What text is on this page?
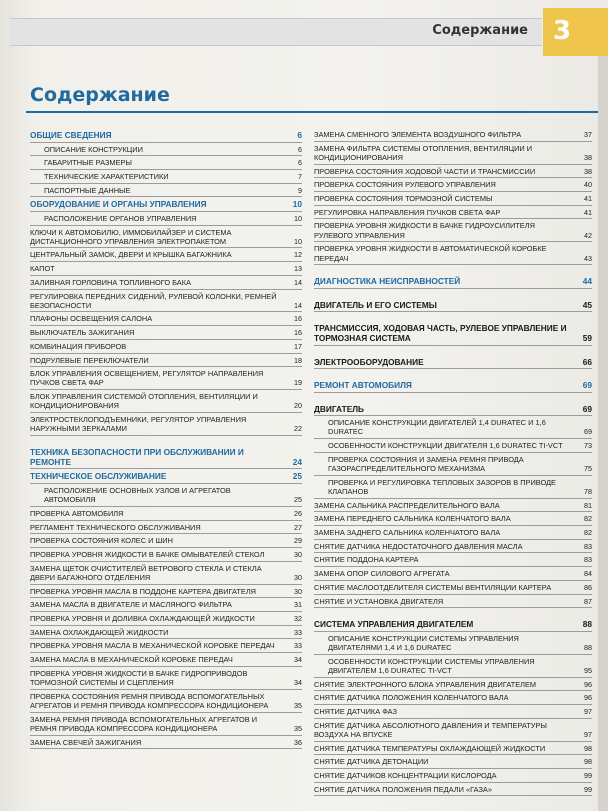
Содержание 3
Содержание
ОБЩИЕ СВЕДЕНИЯ	6
ОПИСАНИЕ КОНСТРУКЦИИ	6
ГАБАРИТНЫЕ РАЗМЕРЫ	6
ТЕХНИЧЕСКИЕ ХАРАКТЕРИСТИКИ	7
ПАСПОРТНЫЕ ДАННЫЕ	9
ОБОРУДОВАНИЕ И ОРГАНЫ УПРАВЛЕНИЯ	10
РАСПОЛОЖЕНИЕ ОРГАНОВ УПРАВЛЕНИЯ	10
КЛЮЧИ К АВТОМОБИЛЮ, ИММОБИЛАЙЗЕР И СИСТЕМА ДИСТАНЦИОННОГО УПРАВЛЕНИЯ ЭЛЕКТРОПАКЕТОМ	10
ЦЕНТРАЛЬНЫЙ ЗАМОК, ДВЕРИ И КРЫШКА БАГАЖНИКА	12
КАПОТ	13
ЗАЛИВНАЯ ГОРЛОВИНА ТОПЛИВНОГО БАКА	14
РЕГУЛИРОВКА ПЕРЕДНИХ СИДЕНИЙ, РУЛЕВОЙ КОЛОНКИ, РЕМНЕЙ БЕЗОПАСНОСТИ	14
ПЛАФОНЫ ОСВЕЩЕНИЯ САЛОНА	16
ВЫКЛЮЧАТЕЛЬ ЗАЖИГАНИЯ	16
КОМБИНАЦИЯ ПРИБОРОВ	17
ПОДРУЛЕВЫЕ ПЕРЕКЛЮЧАТЕЛИ	18
БЛОК УПРАВЛЕНИЯ ОСВЕЩЕНИЕМ, РЕГУЛЯТОР НАПРАВЛЕНИЯ ПУЧКОВ СВЕТА ФАР	19
БЛОК УПРАВЛЕНИЯ СИСТЕМОЙ ОТОПЛЕНИЯ, ВЕНТИЛЯЦИИ И КОНДИЦИОНИРОВАНИЯ	20
ЭЛЕКТРОСТЕКЛОПОДЪЕМНИКИ, РЕГУЛЯТОР УПРАВЛЕНИЯ НАРУЖНЫМИ ЗЕРКАЛАМИ	22
ТЕХНИКА БЕЗОПАСНОСТИ ПРИ ОБСЛУЖИВАНИИ И РЕМОНТЕ	24
ТЕХНИЧЕСКОЕ ОБСЛУЖИВАНИЕ	25
РАСПОЛОЖЕНИЕ ОСНОВНЫХ УЗЛОВ И АГРЕГАТОВ АВТОМОБИЛЯ	25
ПРОВЕРКА АВТОМОБИЛЯ	26
РЕГЛАМЕНТ ТЕХНИЧЕСКОГО ОБСЛУЖИВАНИЯ	27
ПРОВЕРКА СОСТОЯНИЯ КОЛЕС И ШИН	29
ПРОВЕРКА УРОВНЯ ЖИДКОСТИ В БАЧКЕ ОМЫВАТЕЛЕЙ СТЕКОЛ	30
ЗАМЕНА ЩЕТОК ОЧИСТИТЕЛЕЙ ВЕТРОВОГО СТЕКЛА И СТЕКЛА ДВЕРИ БАГАЖНОГО ОТДЕЛЕНИЯ	30
ПРОВЕРКА УРОВНЯ МАСЛА В ПОДДОНЕ КАРТЕРА ДВИГАТЕЛЯ	30
ЗАМЕНА МАСЛА В ДВИГАТЕЛЕ И МАСЛЯНОГО ФИЛЬТРА	31
ПРОВЕРКА УРОВНЯ И ДОЛИВКА ОХЛАЖДАЮЩЕЙ ЖИДКОСТИ	32
ЗАМЕНА ОХЛАЖДАЮЩЕЙ ЖИДКОСТИ	33
ПРОВЕРКА УРОВНЯ МАСЛА В МЕХАНИЧЕСКОЙ КОРОБКЕ ПЕРЕДАЧ	33
ЗАМЕНА МАСЛА В МЕХАНИЧЕСКОЙ КОРОБКЕ ПЕРЕДАЧ	34
ПРОВЕРКА УРОВНЯ ЖИДКОСТИ В БАЧКЕ ГИДРОПРИВОДОВ ТОРМОЗНОЙ СИСТЕМЫ И СЦЕПЛЕНИЯ	34
ПРОВЕРКА СОСТОЯНИЯ РЕМНЯ ПРИВОДА ВСПОМОГАТЕЛЬНЫХ АГРЕГАТОВ И РЕМНЯ ПРИВОДА КОМПРЕССОРА КОНДИЦИОНЕРА	35
ЗАМЕНА РЕМНЯ ПРИВОДА ВСПОМОГАТЕЛЬНЫХ АГРЕГАТОВ И РЕМНЯ ПРИВОДА КОМПРЕССОРА КОНДИЦИОНЕРА	35
ЗАМЕНА СВЕЧЕЙ ЗАЖИГАНИЯ	36
ЗАМЕНА СМЕННОГО ЭЛЕМЕНТА ВОЗДУШНОГО ФИЛЬТРА	37
ЗАМЕНА ФИЛЬТРА СИСТЕМЫ ОТОПЛЕНИЯ, ВЕНТИЛЯЦИИ И КОНДИЦИОНИРОВАНИЯ	38
ПРОВЕРКА СОСТОЯНИЯ ХОДОВОЙ ЧАСТИ И ТРАНСМИССИИ	38
ПРОВЕРКА СОСТОЯНИЯ РУЛЕВОГО УПРАВЛЕНИЯ	40
ПРОВЕРКА СОСТОЯНИЯ ТОРМОЗНОЙ СИСТЕМЫ	41
РЕГУЛИРОВКА НАПРАВЛЕНИЯ ПУЧКОВ СВЕТА ФАР	41
ПРОВЕРКА УРОВНЯ ЖИДКОСТИ В БАЧКЕ ГИДРОУСИЛИТЕЛЯ РУЛЕВОГО УПРАВЛЕНИЯ	42
ПРОВЕРКА УРОВНЯ ЖИДКОСТИ В АВТОМАТИЧЕСКОЙ КОРОБКЕ ПЕРЕДАЧ	43
ДИАГНОСТИКА НЕИСПРАВНОСТЕЙ	44
ДВИГАТЕЛЬ И ЕГО СИСТЕМЫ	45
ТРАНСМИССИЯ, ХОДОВАЯ ЧАСТЬ, РУЛЕВОЕ УПРАВЛЕНИЕ И ТОРМОЗНАЯ СИСТЕМА	59
ЭЛЕКТРООБОРУДОВАНИЕ	66
РЕМОНТ АВТОМОБИЛЯ	69
ДВИГАТЕЛЬ	69
ОПИСАНИЕ КОНСТРУКЦИИ ДВИГАТЕЛЕЙ 1,4 DURATEC И 1,6 DURATEC	69
ОСОБЕННОСТИ КОНСТРУКЦИИ ДВИГАТЕЛЯ 1,6 DURATEC TI-VCT	73
ПРОВЕРКА СОСТОЯНИЯ И ЗАМЕНА РЕМНЯ ПРИВОДА ГАЗОРАСПРЕДЕЛИТЕЛЬНОГО МЕХАНИЗМА	75
ПРОВЕРКА И РЕГУЛИРОВКА ТЕПЛОВЫХ ЗАЗОРОВ В ПРИВОДЕ КЛАПАНОВ	78
ЗАМЕНА САЛЬНИКА РАСПРЕДЕЛИТЕЛЬНОГО ВАЛА	81
ЗАМЕНА ПЕРЕДНЕГО САЛЬНИКА КОЛЕНЧАТОГО ВАЛА	82
ЗАМЕНА ЗАДНЕГО САЛЬНИКА КОЛЕНЧАТОГО ВАЛА	82
СНЯТИЕ ДАТЧИКА НЕДОСТАТОЧНОГО ДАВЛЕНИЯ МАСЛА	83
СНЯТИЕ ПОДДОНА КАРТЕРА	83
ЗАМЕНА ОПОР СИЛОВОГО АГРЕГАТА	84
СНЯТИЕ МАСЛООТДЕЛИТЕЛЯ СИСТЕМЫ ВЕНТИЛЯЦИИ КАРТЕРА	86
СНЯТИЕ И УСТАНОВКА ДВИГАТЕЛЯ	87
СИСТЕМА УПРАВЛЕНИЯ ДВИГАТЕЛЕМ	88
ОПИСАНИЕ КОНСТРУКЦИИ СИСТЕМЫ УПРАВЛЕНИЯ ДВИГАТЕЛЯМИ 1,4 И 1,6 DURATEC	88
ОСОБЕННОСТИ КОНСТРУКЦИИ СИСТЕМЫ УПРАВЛЕНИЯ ДВИГАТЕЛЕМ 1,6 DURATEC TI-VCT	95
СНЯТИЕ ЭЛЕКТРОННОГО БЛОКА УПРАВЛЕНИЯ ДВИГАТЕЛЕМ	96
СНЯТИЕ ДАТЧИКА ПОЛОЖЕНИЯ КОЛЕНЧАТОГО ВАЛА	96
СНЯТИЕ ДАТЧИКА ФАЗ	97
СНЯТИЕ ДАТЧИКА АБСОЛЮТНОГО ДАВЛЕНИЯ И ТЕМПЕРАТУРЫ ВОЗДУХА НА ВПУСКЕ	97
СНЯТИЕ ДАТЧИКА ТЕМПЕРАТУРЫ ОХЛАЖДАЮЩЕЙ ЖИДКОСТИ	98
СНЯТИЕ ДАТЧИКА ДЕТОНАЦИИ	98
СНЯТИЕ ДАТЧИКОВ КОНЦЕНТРАЦИИ КИСЛОРОДА	99
СНЯТИЕ ДАТЧИКА ПОЛОЖЕНИЯ ПЕДАЛИ «ГАЗА»	99
